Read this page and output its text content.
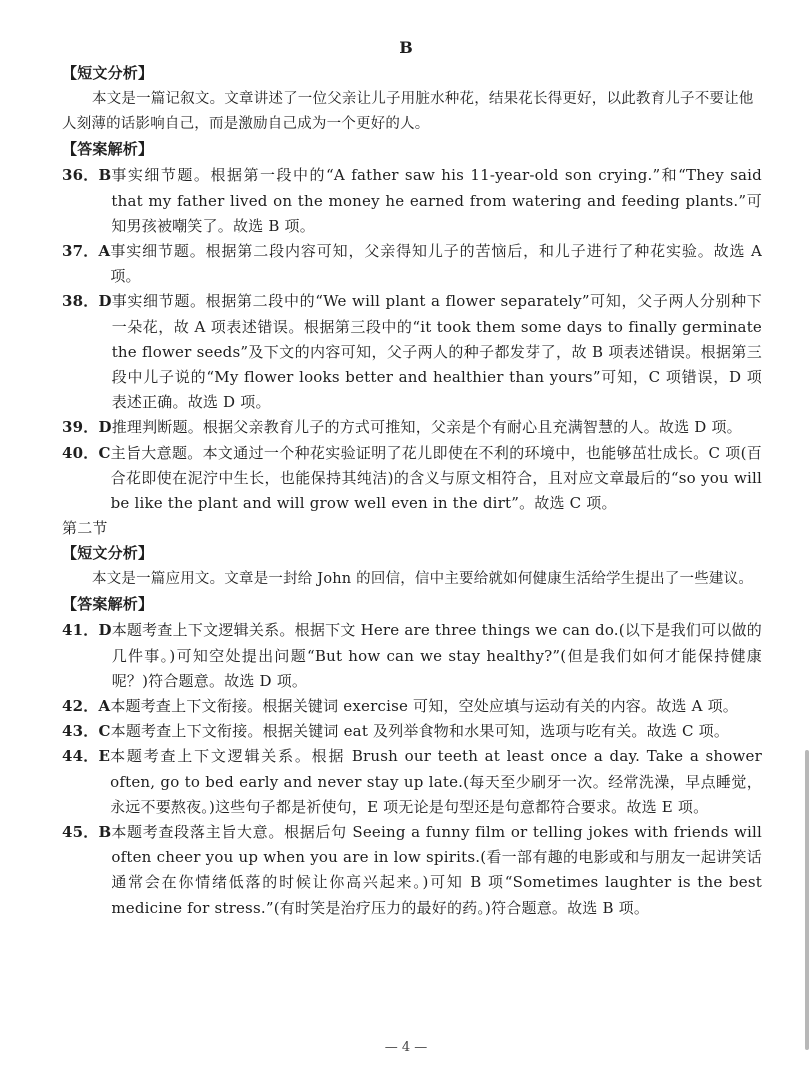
B
【短文分析】
本文是一篇记叙文。文章讲述了一位父亲让儿子用脏水种花，结果花长得更好，以此教育儿子不要让他人刻薄的话影响自己，而是激励自己成为一个更好的人。
【答案解析】
36．B 事实细节题。根据第一段中的“A father saw his 11-year-old son crying.”和“They said that my father lived on the money he earned from watering and feeding plants.”可知男孩被嘲笑了。故选 B 项。
37．A 事实细节题。根据第二段内容可知，父亲得知儿子的苦恼后，和儿子进行了种花实验。故选 A 项。
38．D 事实细节题。根据第二段中的“We will plant a flower separately”可知，父子两人分别种下一朵花，故 A 项表述错误。根据第三段中的“it took them some days to finally germinate the flower seeds”及下文的内容可知，父子两人的种子都发芽了，故 B 项表述错误。根据第三段中儿子说的“My flower looks better and healthier than yours”可知，C 项错误，D 项表述正确。故选 D 项。
39．D 推理判断题。根据父亲教育儿子的方式可推知，父亲是个有耐心且充满智慧的人。故选 D 项。
40．C 主旨大意题。本文通过一个种花实验证明了花儿即使在不利的环境中，也能够茁壮成长。C 项(百合花即使在泥泞中生长，也能保持其纯洁)的含义与原文相符合，且对应文章最后的“so you will be like the plant and will grow well even in the dirt”。故选 C 项。
第二节
【短文分析】
本文是一篇应用文。文章是一封给 John 的回信，信中主要给就如何健康生活给学生提出了一些建议。
【答案解析】
41．D 本题考查上下文逻辑关系。根据下文 Here are three things we can do.(以下是我们可以做的几件事。)可知空处提出问题“But how can we stay healthy?”(但是我们如何才能保持健康呢？)符合题意。故选 D 项。
42．A 本题考查上下文衔接。根据关键词 exercise 可知，空处应填与运动有关的内容。故选 A 项。
43．C 本题考查上下文衔接。根据关键词 eat 及列举食物和水果可知，选项与吃有关。故选 C 项。
44．E 本题考查上下文逻辑关系。根据 Brush our teeth at least once a day. Take a shower often, go to bed early and never stay up late.(每天至少刷牙一次。经常洗澡，早点睡觉，永远不要熬夜。)这些句子都是祈使句，E 项无论是句型还是句意都符合要求。故选 E 项。
45．B 本题考查段落主旨大意。根据后句 Seeing a funny film or telling jokes with friends will often cheer you up when you are in low spirits.(看一部有趣的电影或和与朋友一起讲笑话通常会在你情绪低落的时候让你高兴起来。)可知 B 项“Sometimes laughter is the best medicine for stress.”(有时笑是治疗压力的最好的药。)符合题意。故选 B 项。
— 4 —
